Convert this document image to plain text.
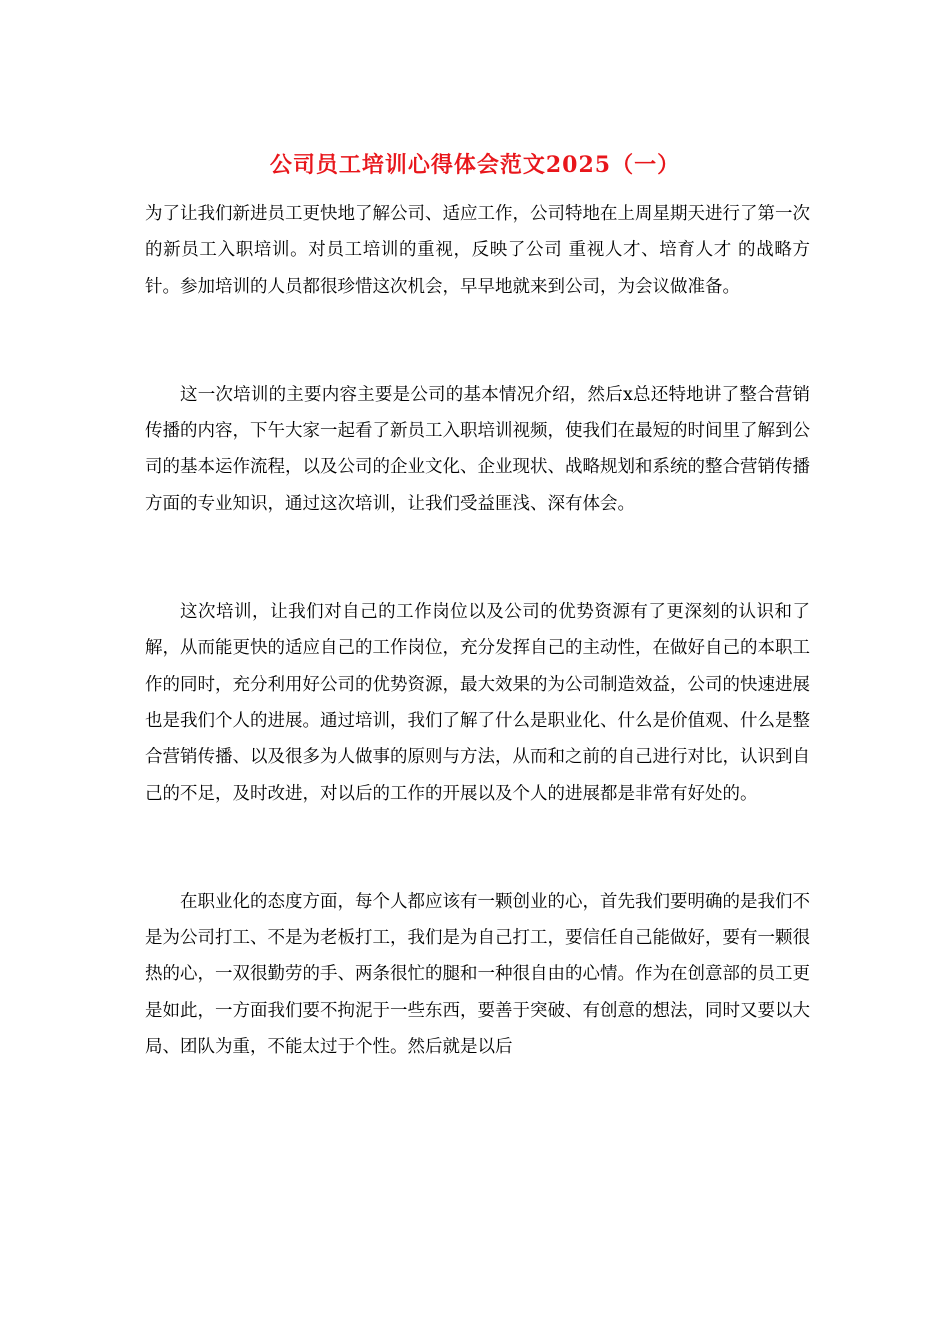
公司员工培训心得体会范文2025（一）

为了让我们新进员工更快地了解公司、适应工作，公司特地在上周星期天进行了第一次的新员工入职培训。对员工培训的重视，反映了公司 重视人才、培育人才 的战略方针。参加培训的人员都很珍惜这次机会，早早地就来到公司，为会议做准备。

这一次培训的主要内容主要是公司的基本情况介绍，然后x总还特地讲了整合营销传播的内容，下午大家一起看了新员工入职培训视频，使我们在最短的时间里了解到公司的基本运作流程，以及公司的企业文化、企业现状、战略规划和系统的整合营销传播方面的专业知识，通过这次培训，让我们受益匪浅、深有体会。

这次培训，让我们对自己的工作岗位以及公司的优势资源有了更深刻的认识和了解，从而能更快的适应自己的工作岗位，充分发挥自己的主动性，在做好自己的本职工作的同时，充分利用好公司的优势资源，最大效果的为公司制造效益，公司的快速进展也是我们个人的进展。通过培训，我们了解了什么是职业化、什么是价值观、什么是整合营销传播、以及很多为人做事的原则与方法，从而和之前的自己进行对比，认识到自己的不足，及时改进，对以后的工作的开展以及个人的进展都是非常有好处的。

在职业化的态度方面，每个人都应该有一颗创业的心，首先我们要明确的是我们不是为公司打工、不是为老板打工，我们是为自己打工，要信任自己能做好，要有一颗很热的心，一双很勤劳的手、两条很忙的腿和一种很自由的心情。作为在创意部的员工更是如此，一方面我们要不拘泥于一些东西，要善于突破、有创意的想法，同时又要以大局、团队为重，不能太过于个性。然后就是以后
